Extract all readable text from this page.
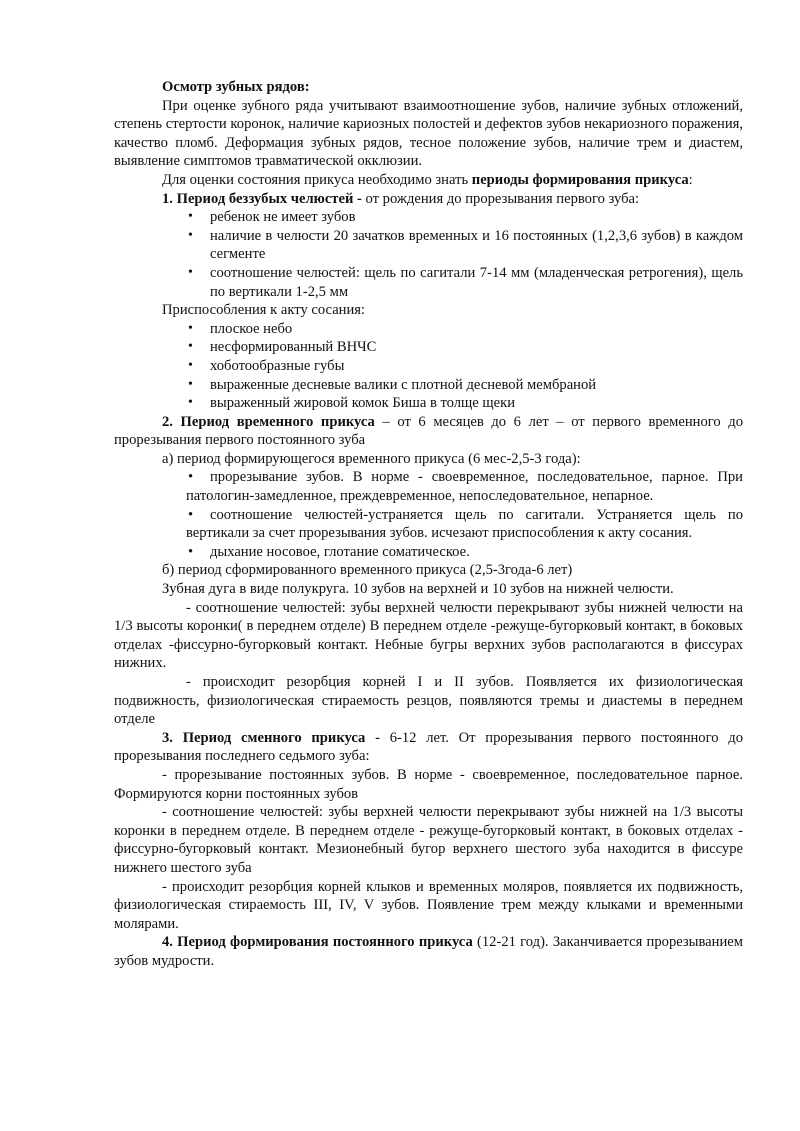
Осмотр зубных рядов:

При оценке зубного ряда учитывают взаимоотношение зубов, наличие зубных отложений, степень стертости коронок, наличие кариозных полостей и дефектов зубов некариозного поражения, качество пломб. Деформация зубных рядов, тесное положение зубов, наличие трем и диастем, выявление симптомов травматической окклюзии.

Для оценки состояния прикуса необходимо знать периоды формирования прикуса:

1. Период беззубых челюстей - от рождения до прорезывания первого зуба:

• ребенок не имеет зубов
• наличие в челюсти 20 зачатков временных и 16 постоянных (1,2,3,6 зубов) в каждом сегменте
• соотношение челюстей: щель по сагитали 7-14 мм (младенческая ретрогения), щель по вертикали 1-2,5 мм

Приспособления к акту сосания:

• плоское небо
• несформированный ВНЧС
• хоботообразные губы
• выраженные десневые валики с плотной десневой мембраной
• выраженный жировой комок Биша в толще щеки

2. Период временного прикуса – от 6 месяцев до 6 лет – от первого временного до прорезывания первого постоянного зуба

а) период формирующегося временного прикуса (6 мес-2,5-3 года):

• прорезывание зубов. В норме - своевременное, последовательное, парное. При патологин-замедленное, преждевременное, непоследовательное, непарное.
• соотношение челюстей-устраняется щель по сагитали. Устраняется щель по вертикали за счет прорезывания зубов. исчезают приспособления к акту сосания.
• дыхание носовое, глотание соматическое.

б) период сформированного временного прикуса (2,5-3года-6 лет)

Зубная дуга в виде полукруга. 10 зубов на верхней и 10 зубов на нижней челюсти.

- соотношение челюстей: зубы верхней челюсти перекрывают зубы нижней челюсти на 1/3 высоты коронки( в переднем отделе) В переднем отделе -режуще-бугорковый контакт, в боковых отделах -фиссурно-бугорковый контакт. Небные бугры верхних зубов располагаются в фиссурах нижних.

- происходит резорбция корней I и II зубов. Появляется их физиологическая подвижность, физиологическая стираемость резцов, появляются тремы и диастемы в переднем отделе

3. Период сменного прикуса - 6-12 лет. От прорезывания первого постоянного до прорезывания последнего седьмого зуба:

- прорезывание постоянных зубов. В норме - своевременное, последовательное парное. Формируются корни постоянных зубов

- соотношение челюстей: зубы верхней челюсти перекрывают зубы нижней на 1/3 высоты коронки в переднем отделе. В переднем отделе - режуще-бугорковый контакт, в боковых отделах - фиссурно-бугорковый контакт. Мезионебный бугор верхнего шестого зуба находится в фиссуре нижнего шестого зуба

- происходит резорбция корней клыков и временных моляров, появляется их подвижность, физиологическая стираемость III, IV, V зубов. Появление трем между клыками и временными молярами.

4. Период формирования постоянного прикуса (12-21 год). Заканчивается прорезыванием зубов мудрости.
